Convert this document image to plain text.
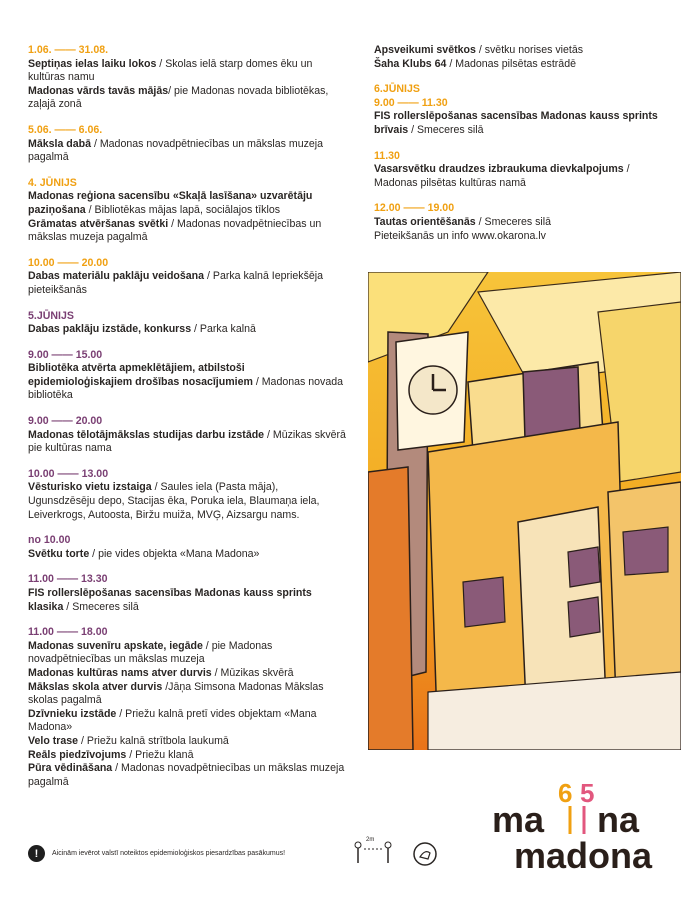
1.06. —— 31.08.
Septiņas ielas laiku lokos / Skolas ielā starp domes ēku un kultūras namu
Madonas vārds tavās mājās/ pie Madonas novada bibliotēkas, zaļajā zonā
5.06. —— 6.06.
Māksla dabā / Madonas novadpētniecības un mākslas muzeja pagalmā
4. JŪNIJS
Madonas reģiona sacensību «Skaļā lasīšana» uzvarētāju paziņošana / Bibliotēkas mājas lapā, sociālajos tīklos
Grāmatas atvēršanas svētki / Madonas novadpētniecības un mākslas muzeja pagalmā
10.00 —— 20.00
Dabas materiālu paklāju veidošana / Parka kalnā Iepriekšēja pieteikšanās
5.JŪNIJS
Dabas paklāju izstāde, konkurss / Parka kalnā
9.00 —— 15.00
Bibliotēka atvērta apmeklētājiem, atbilstoši epidemioloģiskajiem drošības nosacījumiem / Madonas novada bibliotēka
9.00 —— 20.00
Madonas tēlotājmākslas studijas darbu izstāde / Mūzikas skvērā pie kultūras nama
10.00 —— 13.00
Vēsturisko vietu izstaiga / Saules iela (Pasta māja), Ugunsdzēsēju depo, Stacijas ēka, Poruka iela, Blaumaņa iela, Leiverkrogs, Autoosta, Biržu muiža, MVĢ, Aizsargu nams.
no 10.00
Svētku torte / pie vides objekta «Mana Madona»
11.00 —— 13.30
FIS rollerslēpošanas sacensības Madonas kauss sprints klasika / Smeceres silā
11.00 —— 18.00
Madonas suvenīru apskate, iegāde / pie Madonas novadpētniecības un mākslas muzeja
Madonas kultūras nams atver durvis / Mūzikas skvērā
Mākslas skola atver durvis /Jāņa Simsona Madonas Mākslas skolas pagalmā
Dzīvnieku izstāde / Priežu kalnā pretī vides objektam «Mana Madona»
Velo trase / Priežu kalnā strītbola laukumā
Reāls piedzīvojums / Priežu klanā
Pūra vēdināšana / Madonas novadpētniecības un mākslas muzeja pagalmā
Apsveikumi svētkos / svētku norises vietās
Šaha Klubs 64 / Madonas pilsētas estrādē
6.JŪNIJS
9.00 —— 11.30
FIS rollerslēpošanas sacensības Madonas kauss sprints brīvais / Smeceres silā
11.30
Vasarsvētku draudzes izbraukuma dievkalpojums / Madonas pilsētas kultūras namā
12.00 —— 19.00
Tautas orientēšanās / Smeceres silā
Pieteikšanās un info www.okarona.lv
ma na
madona
6 5
!	Aicinām ievērot valstī noteiktos epidemioloģiskos piesardzības pasākumus!
2m
